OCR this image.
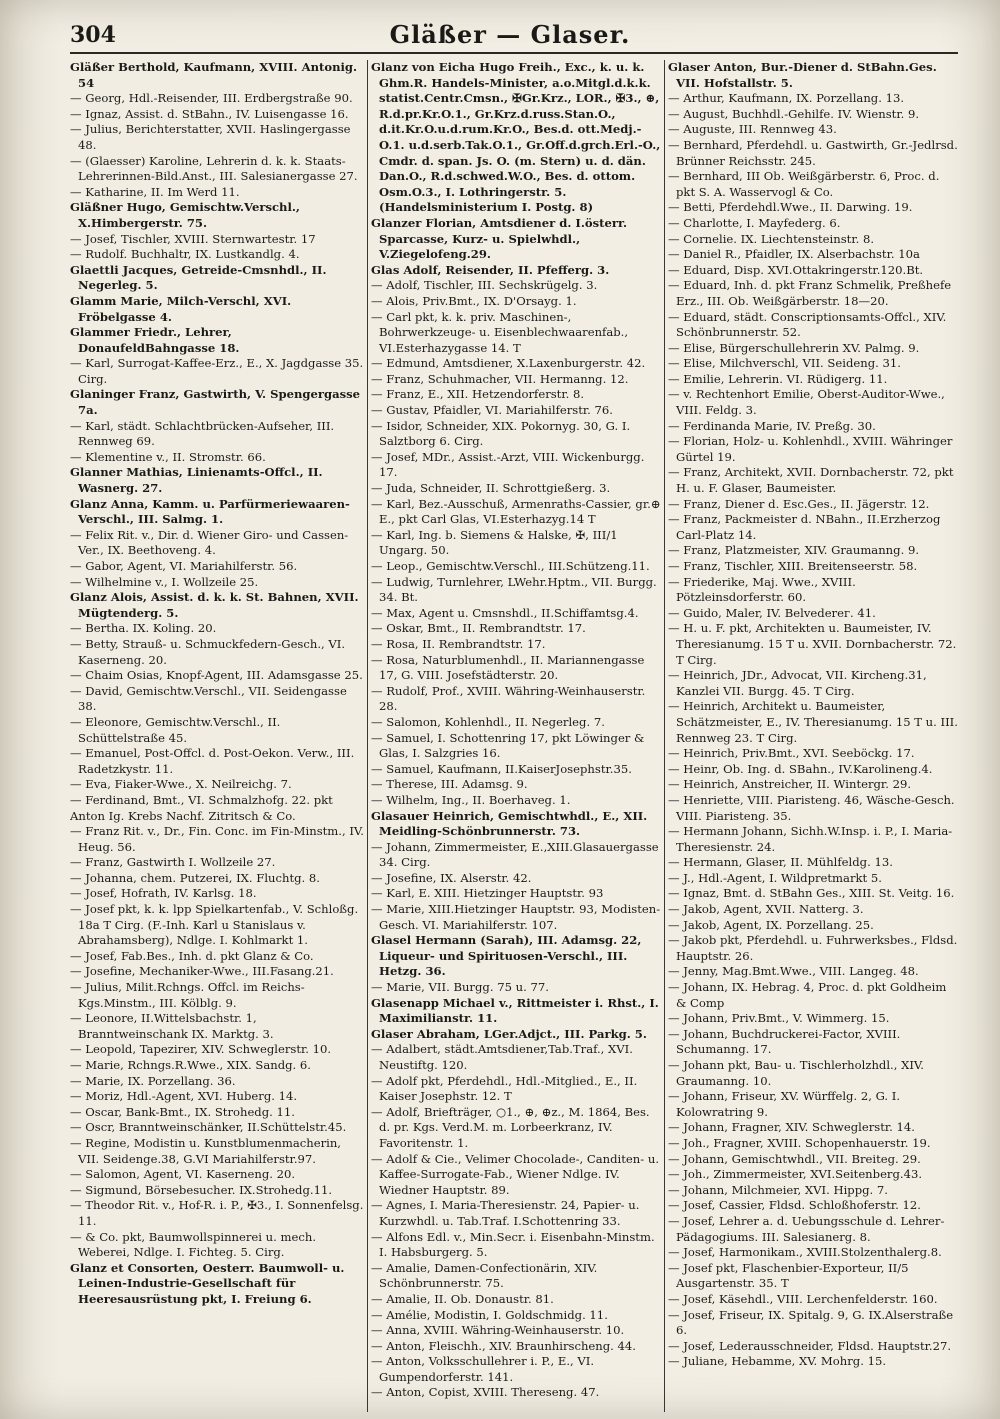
304	Gläßer — Glaser.

Gläßer Berthold, Kaufmann, XVIII. Antonig. 54

— Georg, Hdl.-Reisender, III. Erdbergstraße 90.

— Ignaz, Assist. d. StBahn., IV. Luisengasse 16.

— Julius, Berichterstatter, XVII. Haslingergasse 48.

— (Glaesser) Karoline, Lehrerin d. k. k. Staats-Lehrerinnen-Bild.Anst., III. Salesianergasse 27.

— Katharine, II. Im Werd 11.

Gläßner Hugo, Gemischtw.Verschl., X.Himbergerstr. 75.

— Josef, Tischler, XVIII. Sternwartestr. 17

— Rudolf. Buchhaltr, IX. Lustkandlg. 4.

Glaettli Jacques, Getreide-Cmsnhdl., II. Negerleg. 5.

Glamm Marie, Milch-Verschl, XVI. Fröbelgasse 4.

Glammer Friedr., Lehrer, DonaufeldBahngasse 18.

— Karl, Surrogat-Kaffee-Erz., E., X. Jagdgasse 35. Cirg.

Glaninger Franz, Gastwirth, V. Spengergasse 7a.

— Karl, städt. Schlachtbrücken-Aufseher, III. Rennweg 69.

— Klementine v., II. Stromstr. 66.

Glanner Mathias, Linienamts-Offcl., II. Wasnerg. 27.

Glanz Anna, Kamm. u. Parfürmeriewaaren-Verschl., III. Salmg. 1.

— Felix Rit. v., Dir. d. Wiener Giro- und Cassen-Ver., IX. Beethoveng. 4.

— Gabor, Agent, VI. Mariahilferstr. 56.

— Wilhelmine v., I. Wollzeile 25.

Glanz Alois, Assist. d. k. k. St. Bahnen, XVII. Mügtenderg. 5.

— Bertha. IX. Koling. 20.

— Betty, Strauß- u. Schmuckfedern-Gesch., VI. Kaserneng. 20.

— Chaim Osias, Knopf-Agent, III. Adamsgasse 25.

— David, Gemischtw.Verschl., VII. Seidengasse 38.

— Eleonore, Gemischtw.Verschl., II. Schüttelstraße 45.

— Emanuel, Post-Offcl. d. Post-Oekon. Verw., III. Radetzkystr. 11.

— Eva, Fiaker-Wwe., X. Neilreichg. 7.

— Ferdinand, Bmt., VI. Schmalzhofg. 22. pkt

Anton Ig. Krebs Nachf. Zitritsch & Co.

— Franz Rit. v., Dr., Fin. Conc. im Fin-Minstm., IV. Heug. 56.

— Franz, Gastwirth I. Wollzeile 27.

— Johanna, chem. Putzerei, IX. Fluchtg. 8.

— Josef, Hofrath, IV. Karlsg. 18.

— Josef pkt, k. k. lpp Spielkartenfab., V. Schloßg. 18a T Cirg. (F.-Inh. Karl u Stanislaus v. Abrahamsberg), Ndlge. I. Kohlmarkt 1.

— Josef, Fab.Bes., Inh. d. pkt Glanz & Co.

— Josefine, Mechaniker-Wwe., III.Fasang.21.

— Julius, Milit.Rchngs. Offcl. im Reichs-Kgs.Minstm., III. Kölblg. 9.

— Leonore, II.Wittelsbachstr. 1, Branntweinschank IX. Marktg. 3.

— Leopold, Tapezirer, XIV. Schweglerstr. 10.

— Marie, Rchngs.R.Wwe., XIX. Sandg. 6.

— Marie, IX. Porzellang. 36.

— Moriz, Hdl.-Agent, XVI. Huberg. 14.

— Oscar, Bank-Bmt., IX. Strohedg. 11.

— Oscr, Branntweinschänker, II.Schüttelstr.45.

— Regine, Modistin u. Kunstblumenmacherin, VII. Seidenge.38, G.VI Mariahilferstr.97.

— Salomon, Agent, VI. Kaserneng. 20.

— Sigmund, Börsebesucher. IX.Strohedg.11.

— Theodor Rit. v., Hof-R. i. P., ✠3., I. Sonnenfelsg. 11.

— & Co. pkt, Baumwollspinnerei u. mech. Weberei, Ndlge. I. Fichteg. 5. Cirg.

Glanz et Consorten, Oesterr. Baumwoll- u. Leinen-Industrie-Gesellschaft für Heeresausrüstung pkt, I. Freiung 6.

Glanz von Eicha Hugo Freih., Exc., k. u. k. Ghm.R. Handels-Minister, a.o.Mitgl.d.k.k. statist.Centr.Cmsn., ✠Gr.Krz., LOR., ✠3., ⊕, R.d.pr.Kr.O.1., Gr.Krz.d.russ.Stan.O., d.it.Kr.O.u.d.rum.Kr.O., Bes.d. ott.Medj.-O.1. u.d.serb.Tak.O.1., Gr.Off.d.grch.Erl.-O., Cmdr. d. span. Js. O. (m. Stern) u. d. dän. Dan.O., R.d.schwed.W.O., Bes. d. ottom. Osm.O.3., I. Lothringerstr. 5. (Handelsministerium I. Postg. 8)

Glanzer Florian, Amtsdiener d. I.österr. Sparcasse, Kurz- u. Spielwhdl., V.Ziegelofeng.29.

Glas Adolf, Reisender, II. Pfefferg. 3.

— Adolf, Tischler, III. Sechskrügelg. 3.

— Alois, Priv.Bmt., IX. D'Orsayg. 1.

— Carl pkt, k. k. priv. Maschinen-, Bohrwerkzeuge- u. Eisenblechwaarenfab., VI.Esterhazygasse 14. T

— Edmund, Amtsdiener, X.Laxenburgerstr. 42.

— Franz, Schuhmacher, VII. Hermanng. 12.

— Franz, E., XII. Hetzendorferstr. 8.

— Gustav, Pfaidler, VI. Mariahilferstr. 76.

— Isidor, Schneider, XIX. Pokornyg. 30, G. I. Salztborg 6. Cirg.

— Josef, MDr., Assist.-Arzt, VIII. Wickenburgg. 17.

— Juda, Schneider, II. Schrottgießerg. 3.

— Karl, Bez.-Ausschuß, Armenraths-Cassier, gr.⊕ E., pkt Carl Glas, VI.Esterhazyg.14 T

— Karl, Ing. b. Siemens & Halske, ✠, III/1 Ungarg. 50.

— Leop., Gemischtw.Verschl., III.Schützeng.11.

— Ludwig, Turnlehrer, LWehr.Hptm., VII. Burgg. 34. Bt.

— Max, Agent u. Cmsnshdl., II.Schiffamtsg.4.

— Oskar, Bmt., II. Rembrandtstr. 17.

— Rosa, II. Rembrandtstr. 17.

— Rosa, Naturblumenhdl., II. Mariannengasse 17, G. VIII. Josefstädterstr. 20.

— Rudolf, Prof., XVIII. Währing-Weinhauserstr. 28.

— Salomon, Kohlenhdl., II. Negerleg. 7.

— Samuel, I. Schottenring 17, pkt Löwinger & Glas, I. Salzgries 16.

— Samuel, Kaufmann, II.KaiserJosephstr.35.

— Therese, III. Adamsg. 9.

— Wilhelm, Ing., II. Boerhaveg. 1.

Glasauer Heinrich, Gemischtwhdl., E., XII. Meidling-Schönbrunnerstr. 73.

— Johann, Zimmermeister, E.,XIII.Glasauergasse 34. Cirg.

— Josefine, IX. Alserstr. 42.

— Karl, E. XIII. Hietzinger Hauptstr. 93

— Marie, XIII.Hietzinger Hauptstr. 93, Modisten-Gesch. VI. Mariahilferstr. 107.

Glasel Hermann (Sarah), III. Adamsg. 22, Liqueur- und Spirituosen-Verschl., III. Hetzg. 36.

— Marie, VII. Burgg. 75 u. 77.

Glasenapp Michael v., Rittmeister i. Rhst., I. Maximilianstr. 11.

Glaser Abraham, LGer.Adjct., III. Parkg. 5.

— Adalbert, städt.Amtsdiener,Tab.Traf., XVI. Neustiftg. 120.

— Adolf pkt, Pferdehdl., Hdl.-Mitglied., E., II. Kaiser Josephstr. 12. T

— Adolf, Briefträger, ○1., ⊕, ⊕z., M. 1864, Bes. d. pr. Kgs. Verd.M. m. Lorbeerkranz, IV. Favoritenstr. 1.

— Adolf & Cie., Velimer Chocolade-, Canditen- u. Kaffee-Surrogate-Fab., Wiener Ndlge. IV. Wiedner Hauptstr. 89.

— Agnes, I. Maria-Theresienstr. 24, Papier- u. Kurzwhdl. u. Tab.Traf. I.Schottenring 33.

— Alfons Edl. v., Min.Secr. i. Eisenbahn-Minstm. I. Habsburgerg. 5.

— Amalie, Damen-Confectionärin, XIV. Schönbrunnerstr. 75.

— Amalie, II. Ob. Donaustr. 81.

— Amélie, Modistin, I. Goldschmidg. 11.

— Anna, XVIII. Währing-Weinhauserstr. 10.

— Anton, Fleischh., XIV. Braunhirscheng. 44.

— Anton, Volksschullehrer i. P., E., VI. Gumpendorferstr. 141.

— Anton, Copist, XVIII. Thereseng. 47.

Glaser Anton, Bur.-Diener d. StBahn.Ges. VII. Hofstallstr. 5.

— Arthur, Kaufmann, IX. Porzellang. 13.

— August, Buchhdl.-Gehilfe. IV. Wienstr. 9.

— Auguste, III. Rennweg 43.

— Bernhard, Pferdehdl. u. Gastwirth, Gr.-Jedlrsd. Brünner Reichsstr. 245.

— Bernhard, III Ob. Weißgärberstr. 6, Proc. d. pkt S. A. Wasservogl & Co.

— Betti, Pferdehdl.Wwe., II. Darwing. 19.

— Charlotte, I. Mayfederg. 6.

— Cornelie. IX. Liechtensteinstr. 8.

— Daniel R., Pfaidler, IX. Alserbachstr. 10a

— Eduard, Disp. XVI.Ottakringerstr.120.Bt.

— Eduard, Inh. d. pkt Franz Schmelik, Preßhefe Erz., III. Ob. Weißgärberstr. 18—20.

— Eduard, städt. Conscriptionsamts-Offcl., XIV. Schönbrunnerstr. 52.

— Elise, Bürgerschullehrerin XV. Palmg. 9.

— Elise, Milchverschl, VII. Seideng. 31.

— Emilie, Lehrerin. VI. Rüdigerg. 11.

— v. Rechtenhort Emilie, Oberst-Auditor-Wwe., VIII. Feldg. 3.

— Ferdinanda Marie, IV. Preßg. 30.

— Florian, Holz- u. Kohlenhdl., XVIII. Währinger Gürtel 19.

— Franz, Architekt, XVII. Dornbacherstr. 72, pkt H. u. F. Glaser, Baumeister.

— Franz, Diener d. Esc.Ges., II. Jägerstr. 12.

— Franz, Packmeister d. NBahn., II.Erzherzog Carl-Platz 14.

— Franz, Platzmeister, XIV. Graumanng. 9.

— Franz, Tischler, XIII. Breitenseerstr. 58.

— Friederike, Maj. Wwe., XVIII. Pötzleinsdorferstr. 60.

— Guido, Maler, IV. Belvederег. 41.

— H. u. F. pkt, Architekten u. Baumeister, IV. Theresianumg. 15 T u. XVII. Dornbacherstr. 72. T Cirg.

— Heinrich, JDr., Advocat, VII. Kircheng.31, Kanzlei VII. Burgg. 45. T Cirg.

— Heinrich, Architekt u. Baumeister, Schätzmeister, E., IV. Theresianumg. 15 T u. III. Rennweg 23. T Cirg.

— Heinrich, Priv.Bmt., XVI. Seeböckg. 17.

— Heinr, Ob. Ing. d. SBahn., IV.Karolineng.4.

— Heinrich, Anstreicher, II. Wintergr. 29.

— Henriette, VIII. Piaristeng. 46, Wäsche-Gesch. VIII. Piaristeng. 35.

— Hermann Johann, Sichh.W.Insp. i. P., I. Maria-Theresienstr. 24.

— Hermann, Glaser, II. Mühlfeldg. 13.

— J., Hdl.-Agent, I. Wildpretmarkt 5.

— Ignaz, Bmt. d. StBahn Ges., XIII. St. Veitg. 16.

— Jakob, Agent, XVII. Natterg. 3.

— Jakob, Agent, IX. Porzellang. 25.

— Jakob pkt, Pferdehdl. u. Fuhrwerksbes., Fldsd. Hauptstr. 26.

— Jenny, Mag.Bmt.Wwe., VIII. Langeg. 48.

— Johann, IX. Hebrag. 4, Proc. d. pkt Goldheim & Comp

— Johann, Priv.Bmt., V. Wimmerg. 15.

— Johann, Buchdruckerei-Factor, XVIII. Schumanng. 17.

— Johann pkt, Bau- u. Tischlerholzhdl., XIV. Graumanng. 10.

— Johann, Friseur, XV. Würffelg. 2, G. I. Kolowratring 9.

— Johann, Fragner, XIV. Schweglerstr. 14.

— Joh., Fragner, XVIII. Schopenhauerstr. 19.

— Johann, Gemischtwhdl., VII. Breiteg. 29.

— Joh., Zimmermeister, XVI.Seitenberg.43.

— Johann, Milchmeier, XVI. Hippg. 7.

— Josef, Cassier, Fldsd. Schloßhoferstr. 12.

— Josef, Lehrer a. d. Uebungsschule d. Lehrer-Pädagogiums. III. Salesianerg. 8.

— Josef, Harmonikam., XVIII.Stolzenthalerg.8.

— Josef pkt, Flaschenbier-Exporteur, II/5 Ausgartenstr. 35. T

— Josef, Käsehdl., VIII. Lerchenfelderstr. 160.

— Josef, Friseur, IX. Spitalg. 9, G. IX.Alserstraße 6.

— Josef, Lederausschneider, Fldsd. Hauptstr.27.

— Juliane, Hebamme, XV. Mohrg. 15.
